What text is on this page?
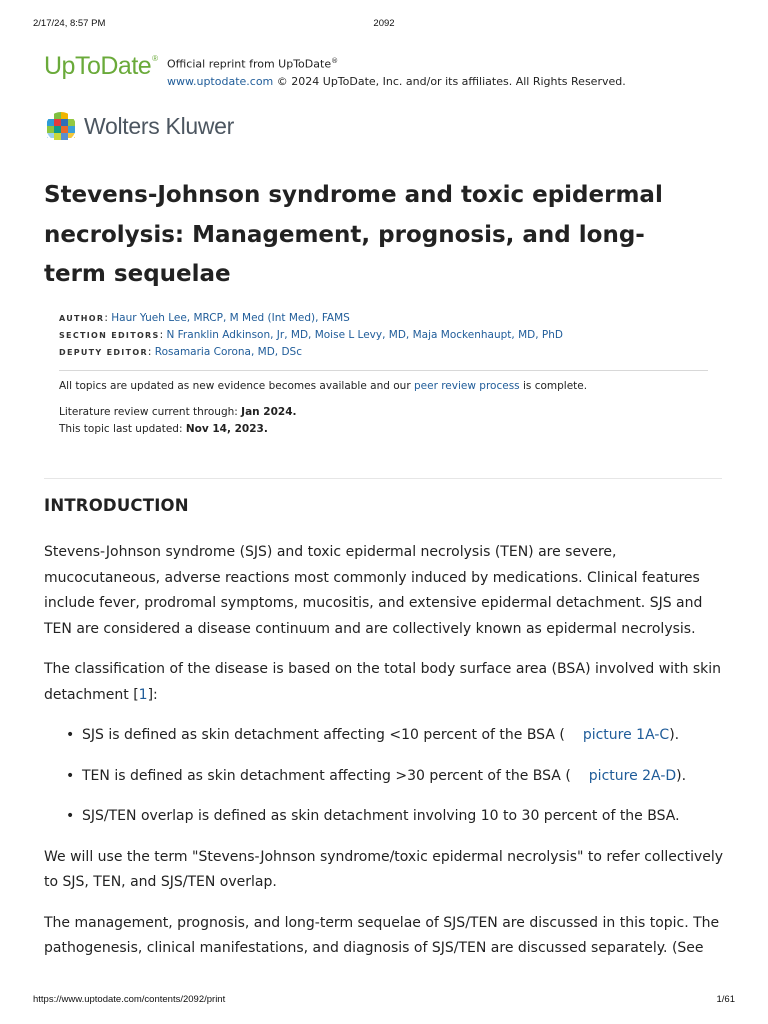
2/17/24, 8:57 PM	2092
UpToDate® Official reprint from UpToDate®
www.uptodate.com © 2024 UpToDate, Inc. and/or its affiliates. All Rights Reserved.
Wolters Kluwer
Stevens-Johnson syndrome and toxic epidermal necrolysis: Management, prognosis, and long-term sequelae
AUTHOR: Haur Yueh Lee, MRCP, M Med (Int Med), FAMS
SECTION EDITORS: N Franklin Adkinson, Jr, MD, Moise L Levy, MD, Maja Mockenhaupt, MD, PhD
DEPUTY EDITOR: Rosamaria Corona, MD, DSc
All topics are updated as new evidence becomes available and our peer review process is complete.
Literature review current through: Jan 2024.
This topic last updated: Nov 14, 2023.
INTRODUCTION

Stevens-Johnson syndrome (SJS) and toxic epidermal necrolysis (TEN) are severe, mucocutaneous, adverse reactions most commonly induced by medications. Clinical features include fever, prodromal symptoms, mucositis, and extensive epidermal detachment. SJS and TEN are considered a disease continuum and are collectively known as epidermal necrolysis.

The classification of the disease is based on the total body surface area (BSA) involved with skin detachment [1]:

• SJS is defined as skin detachment affecting <10 percent of the BSA ( picture 1A-C).
• TEN is defined as skin detachment affecting >30 percent of the BSA ( picture 2A-D).
• SJS/TEN overlap is defined as skin detachment involving 10 to 30 percent of the BSA.

We will use the term "Stevens-Johnson syndrome/toxic epidermal necrolysis" to refer collectively to SJS, TEN, and SJS/TEN overlap.

The management, prognosis, and long-term sequelae of SJS/TEN are discussed in this topic. The pathogenesis, clinical manifestations, and diagnosis of SJS/TEN are discussed separately. (See

https://www.uptodate.com/contents/2092/print	1/61
